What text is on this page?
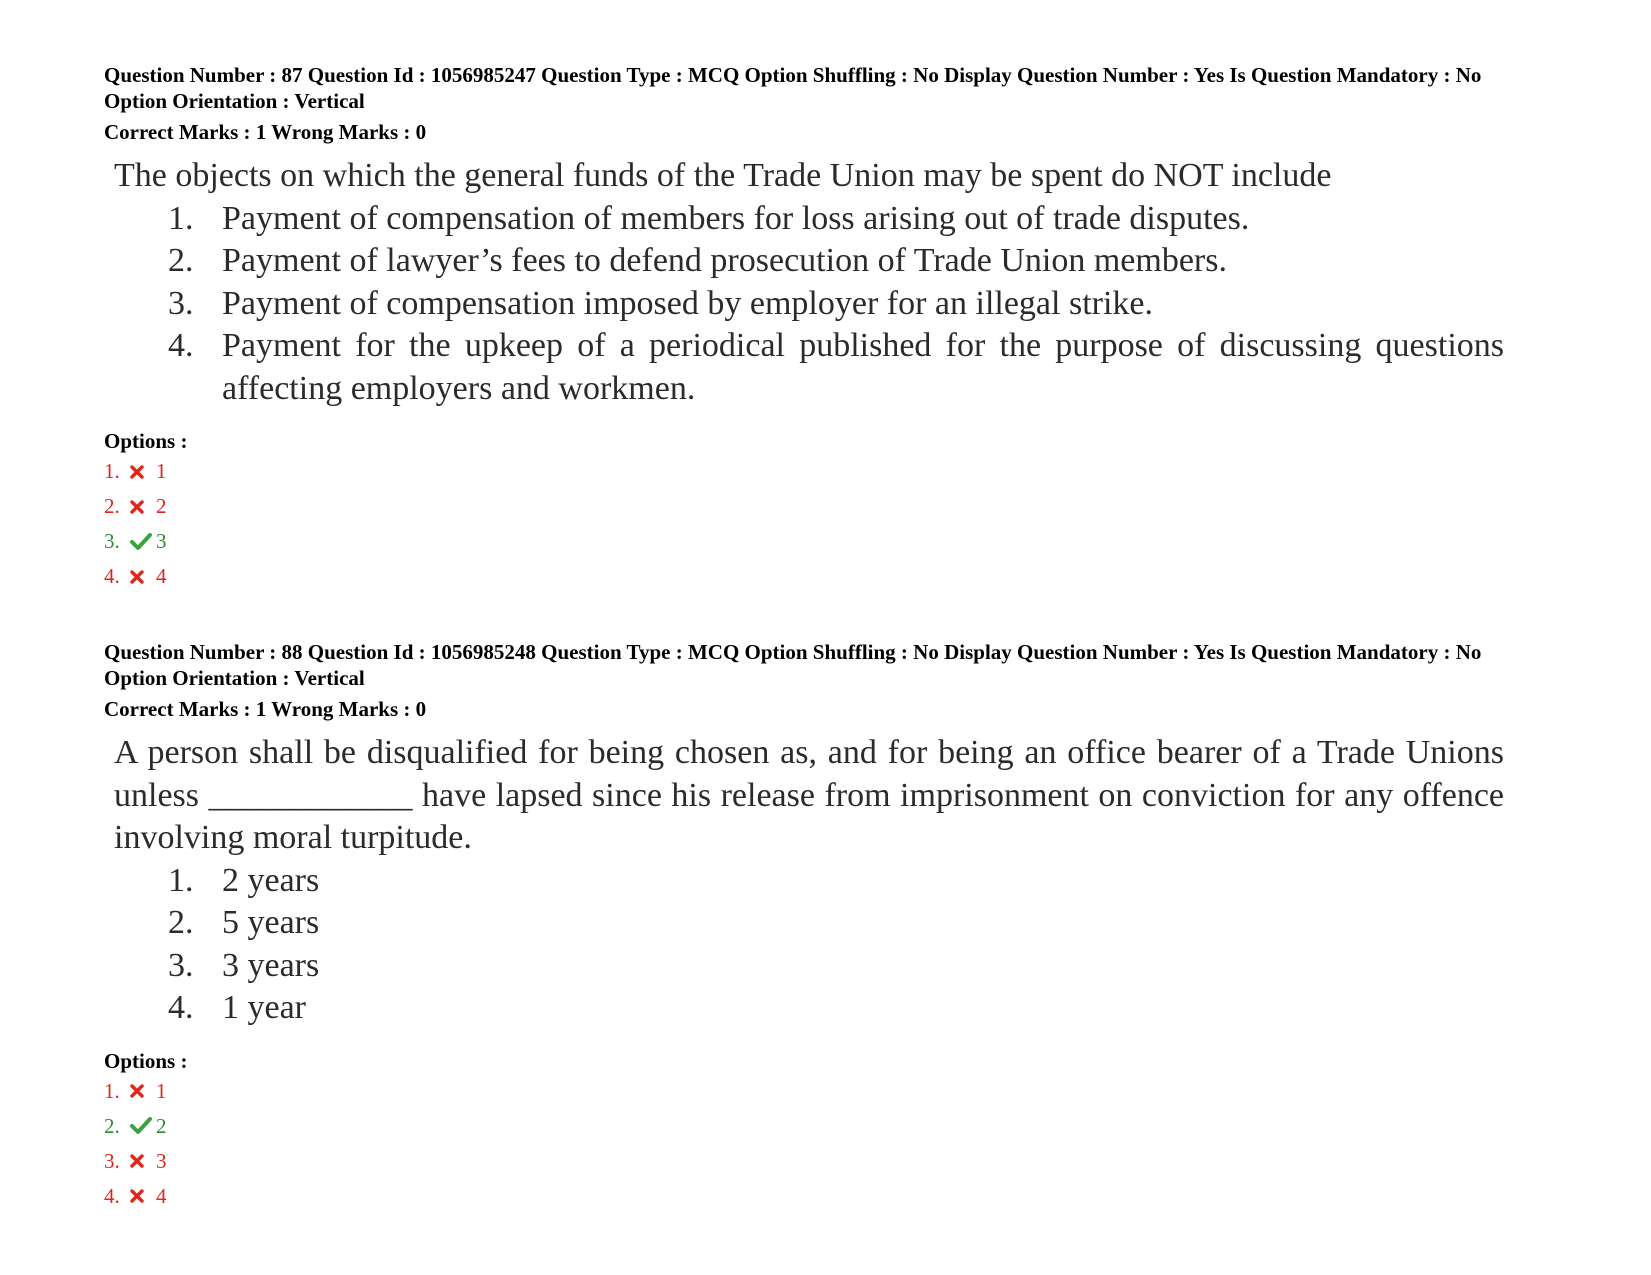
Question Number : 87 Question Id : 1056985247 Question Type : MCQ Option Shuffling : No Display Question Number : Yes Is Question Mandatory : No Option Orientation : Vertical

Correct Marks : 1 Wrong Marks : 0
The objects on which the general funds of the Trade Union may be spent do NOT include
1. Payment of compensation of members for loss arising out of trade disputes.
2. Payment of lawyer’s fees to defend prosecution of Trade Union members.
3. Payment of compensation imposed by employer for an illegal strike.
4. Payment for the upkeep of a periodical published for the purpose of discussing questions affecting employers and workmen.
Options :
1.	1
2.	2
3.	3
4.	4

Question Number : 88 Question Id : 1056985248 Question Type : MCQ Option Shuffling : No Display Question Number : Yes Is Question Mandatory : No Option Orientation : Vertical

Correct Marks : 1 Wrong Marks : 0
A person shall be disqualified for being chosen as, and for being an office bearer of a Trade Unions unless ____________ have lapsed since his release from imprisonment on conviction for any offence involving moral turpitude.
1. 2 years
2. 5 years
3. 3 years
4. 1 year
Options :
1.	1
2.	2
3.	3
4.	4
